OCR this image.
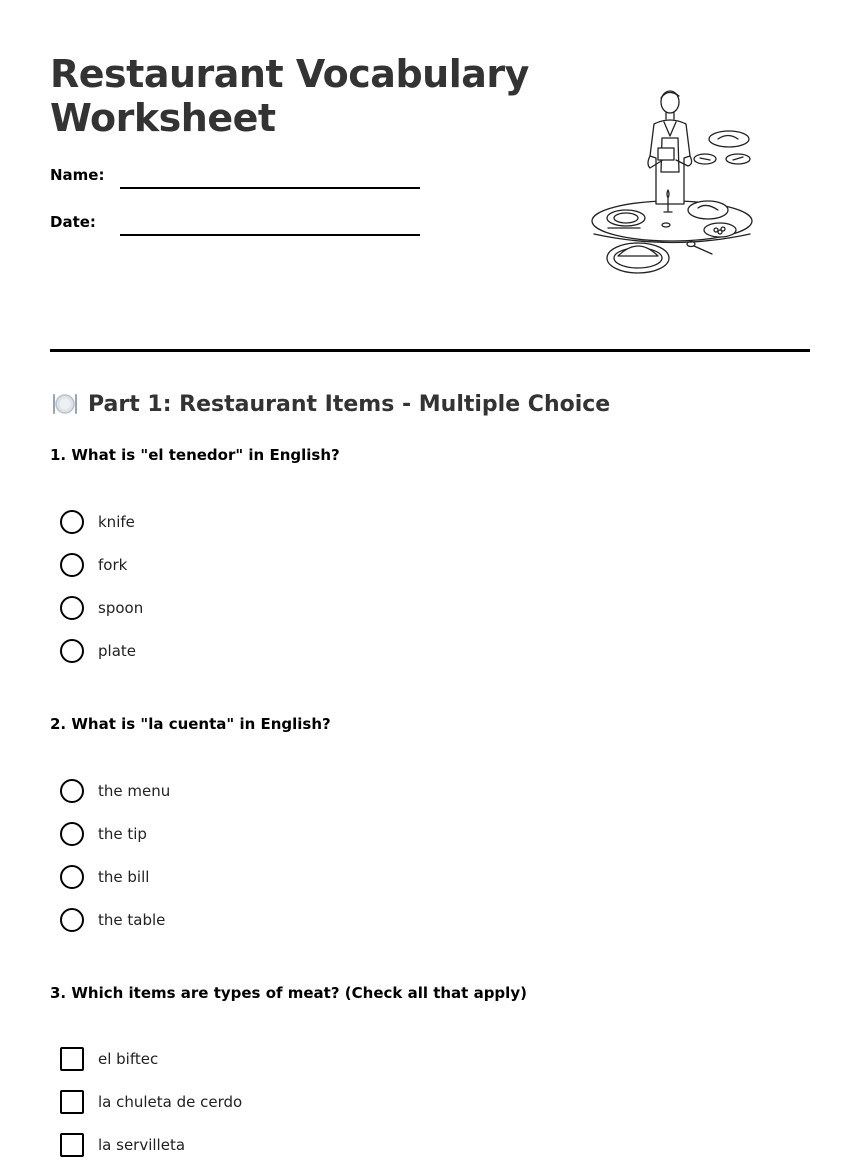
Restaurant Vocabulary Worksheet
Name:
Date:
Part 1: Restaurant Items - Multiple Choice
1. What is "el tenedor" in English?
knife
fork
spoon
plate
2. What is "la cuenta" in English?
the menu
the tip
the bill
the table
3. Which items are types of meat? (Check all that apply)
el biftec
la chuleta de cerdo
la servilleta
